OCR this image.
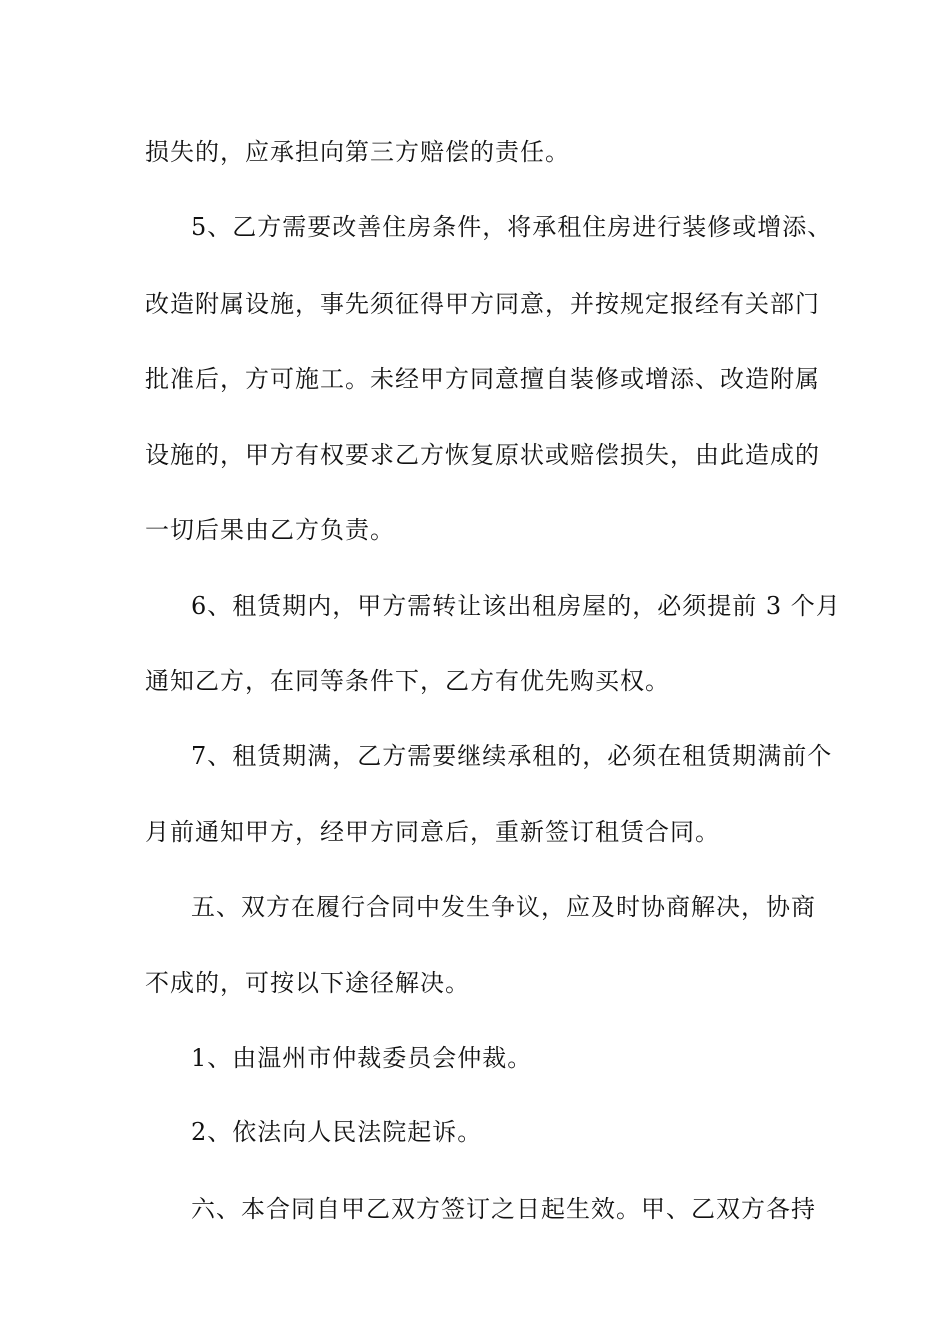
损失的，应承担向第三方赔偿的责任。
5、乙方需要改善住房条件，将承租住房进行装修或增添、
改造附属设施，事先须征得甲方同意，并按规定报经有关部门
批准后，方可施工。未经甲方同意擅自装修或增添、改造附属
设施的，甲方有权要求乙方恢复原状或赔偿损失，由此造成的
一切后果由乙方负责。
6、租赁期内，甲方需转让该出租房屋的，必须提前 3 个月
通知乙方，在同等条件下，乙方有优先购买权。
7、租赁期满，乙方需要继续承租的，必须在租赁期满前个
月前通知甲方，经甲方同意后，重新签订租赁合同。
五、双方在履行合同中发生争议，应及时协商解决，协商
不成的，可按以下途径解决。
1、由温州市仲裁委员会仲裁。
2、依法向人民法院起诉。
六、本合同自甲乙双方签订之日起生效。甲、乙双方各持
